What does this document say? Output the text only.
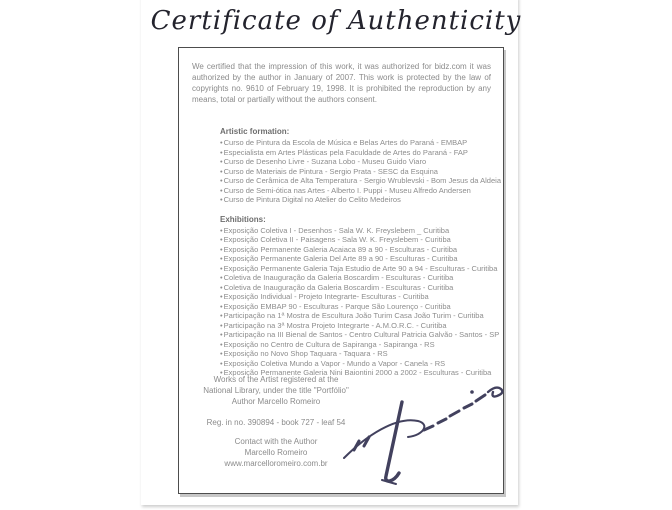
Certificate of Authenticity

We certified that the impression of this work, it was authorized for bidz.com it was authorized by the author in January of 2007. This work is protected by the law of copyrights no. 9610 of February 19, 1998. It is prohibited the reproduction by any means, total or partially without the authors consent.

Artistic formation:
• Curso de Pintura da Escola de Música e Belas Artes do Paraná - EMBAP
• Especialista em Artes Plásticas pela Faculdade de Artes do Paraná - FAP
• Curso de Desenho Livre - Suzana Lobo - Museu Guido Viaro
• Curso de Materiais de Pintura - Sergio Prata - SESC da Esquina
• Curso de Cerâmica de Alta Temperatura - Sergio Wrublevski - Bom Jesus da Aldeia
• Curso de Semi-ótica nas Artes - Alberto I. Puppi - Museu Alfredo Andersen
• Curso de Pintura Digital no Atelier do Celito Medeiros
Exhibitions:
• Exposição Coletiva I - Desenhos - Sala W. K. Freyslebem _ Curitiba
• Exposição Coletiva II - Paisagens - Sala W. K. Freyslebem - Curitiba
• Exposição Permanente Galeria Acaiaca 89 a 90 - Esculturas - Curitiba
• Exposição Permanente Galeria Del Arte 89 a 90 - Esculturas - Curitiba
• Exposição Permanente Galeria Taja Estudio de Arte 90 a 94 - Esculturas - Curitiba
• Coletiva de Inauguração da Galeria Boscardim - Esculturas - Curitiba
• Coletiva de Inauguração da Galeria Boscardim - Esculturas - Curitiba
• Exposição Individual - Projeto Integrarte- Esculturas - Curitiba
• Exposição EMBAP 90 - Esculturas - Parque São Lourenço - Curitiba
• Participação na 1ª Mostra de Escultura João Turim Casa João Turim - Curitiba
• Participação na 3ª Mostra Projeto Integrarte - A.M.O.R.C. - Curitiba
• Participação na III Bienal de Santos - Centro Cultural Patricia Galvão - Santos - SP
• Exposição no Centro de Cultura de Sapiranga - Sapiranga - RS
• Exposição no Novo Shop Taquara - Taquara - RS
• Exposição Coletiva Mundo a Vapor - Mundo a Vapor - Canela - RS
• Exposição Permanente Galeria Nini Baiontini 2000 a 2002 - Esculturas - Curitiba
Works of the Artist registered at the
National Library, under the title "Portfólio"
Author Marcello Romeiro
Reg. in no. 390894 - book 727 - leaf 54
Contact with the Author
Marcello Romeiro
www.marcelloromeiro.com.br
